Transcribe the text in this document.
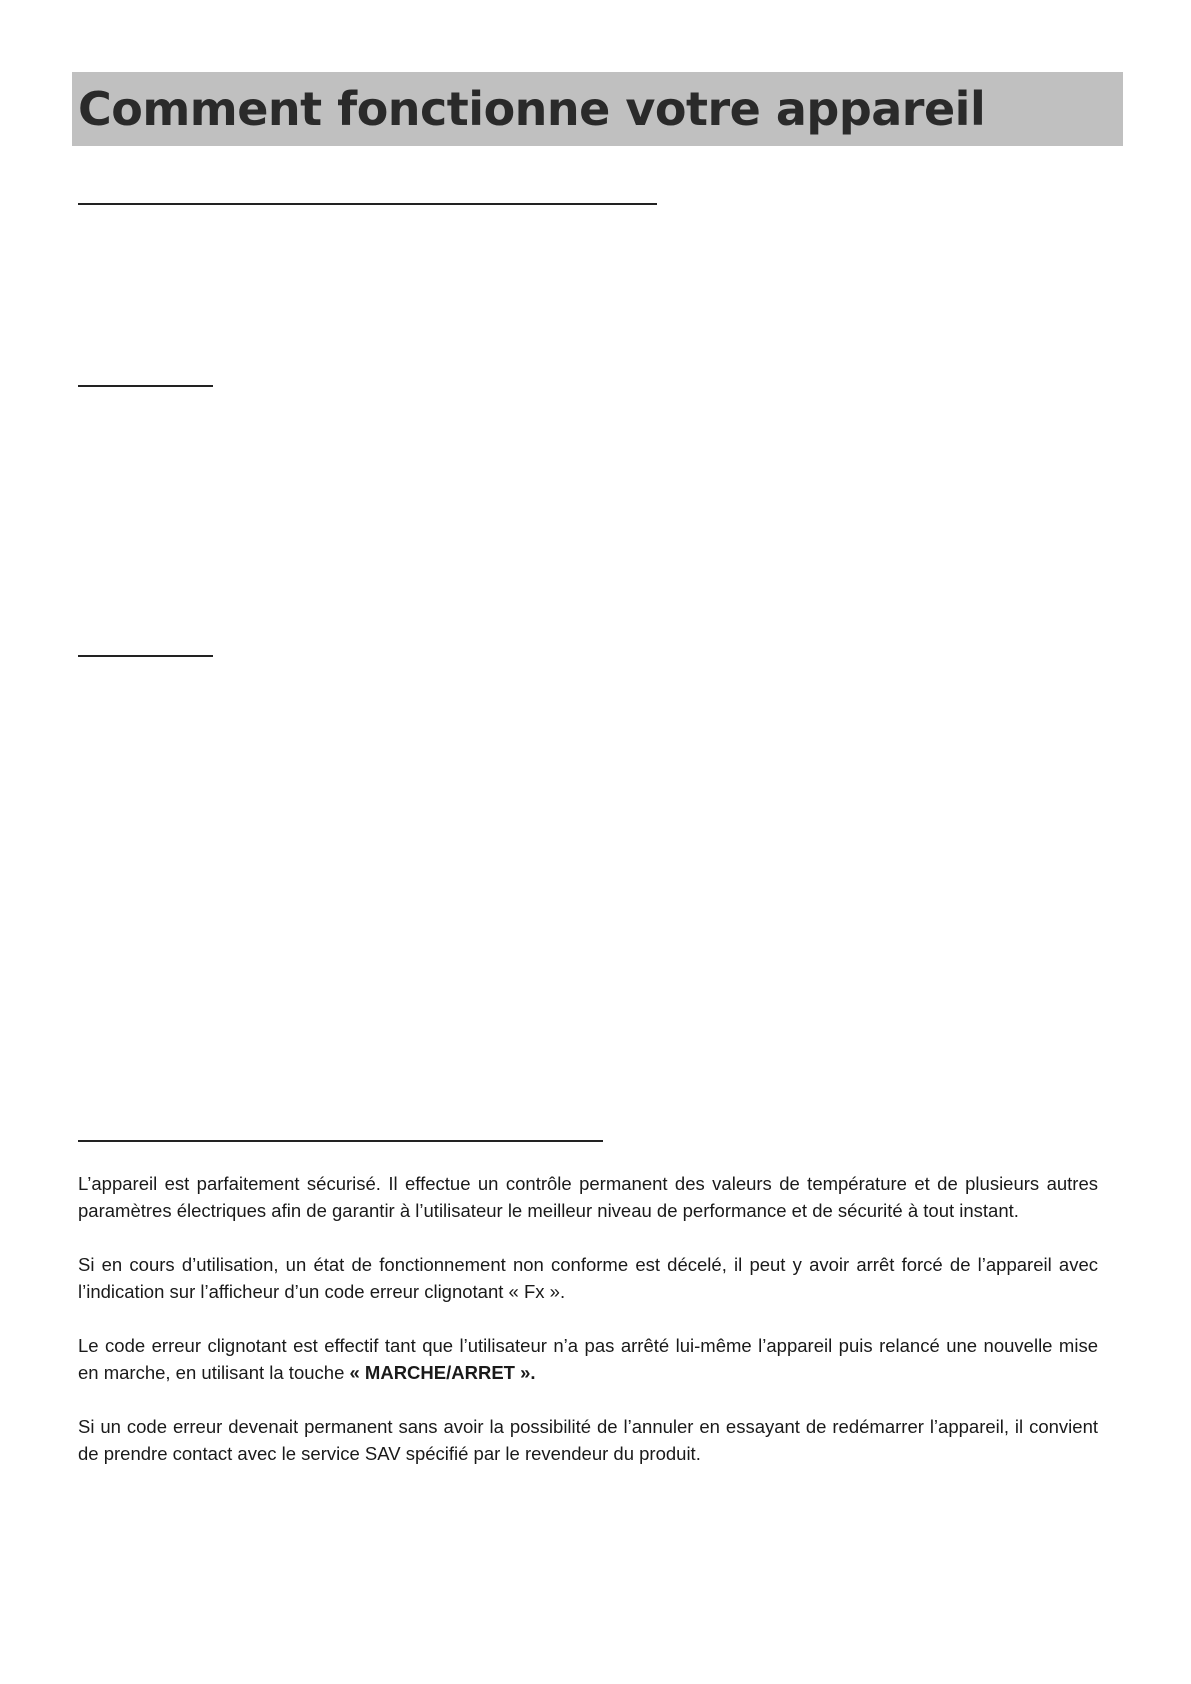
Comment fonctionne votre appareil

L’appareil est parfaitement sécurisé. Il effectue un contrôle permanent des valeurs de température et de plusieurs autres paramètres électriques afin de garantir à l’utilisateur le meilleur niveau de performance et de sécurité à tout instant.

Si en cours d’utilisation, un état de fonctionnement non conforme est décelé, il peut y avoir arrêt forcé de l’appareil avec l’indication sur l’afficheur d’un code erreur clignotant « Fx ».

Le code erreur clignotant est effectif tant que l’utilisateur n’a pas arrêté lui-même l’appareil puis relancé une nouvelle mise en marche, en utilisant la touche « MARCHE/ARRET ».

Si un code erreur devenait permanent sans avoir la possibilité de l’annuler en essayant de redémarrer l’appareil, il convient de prendre contact avec le service SAV spécifié par le revendeur du produit.
